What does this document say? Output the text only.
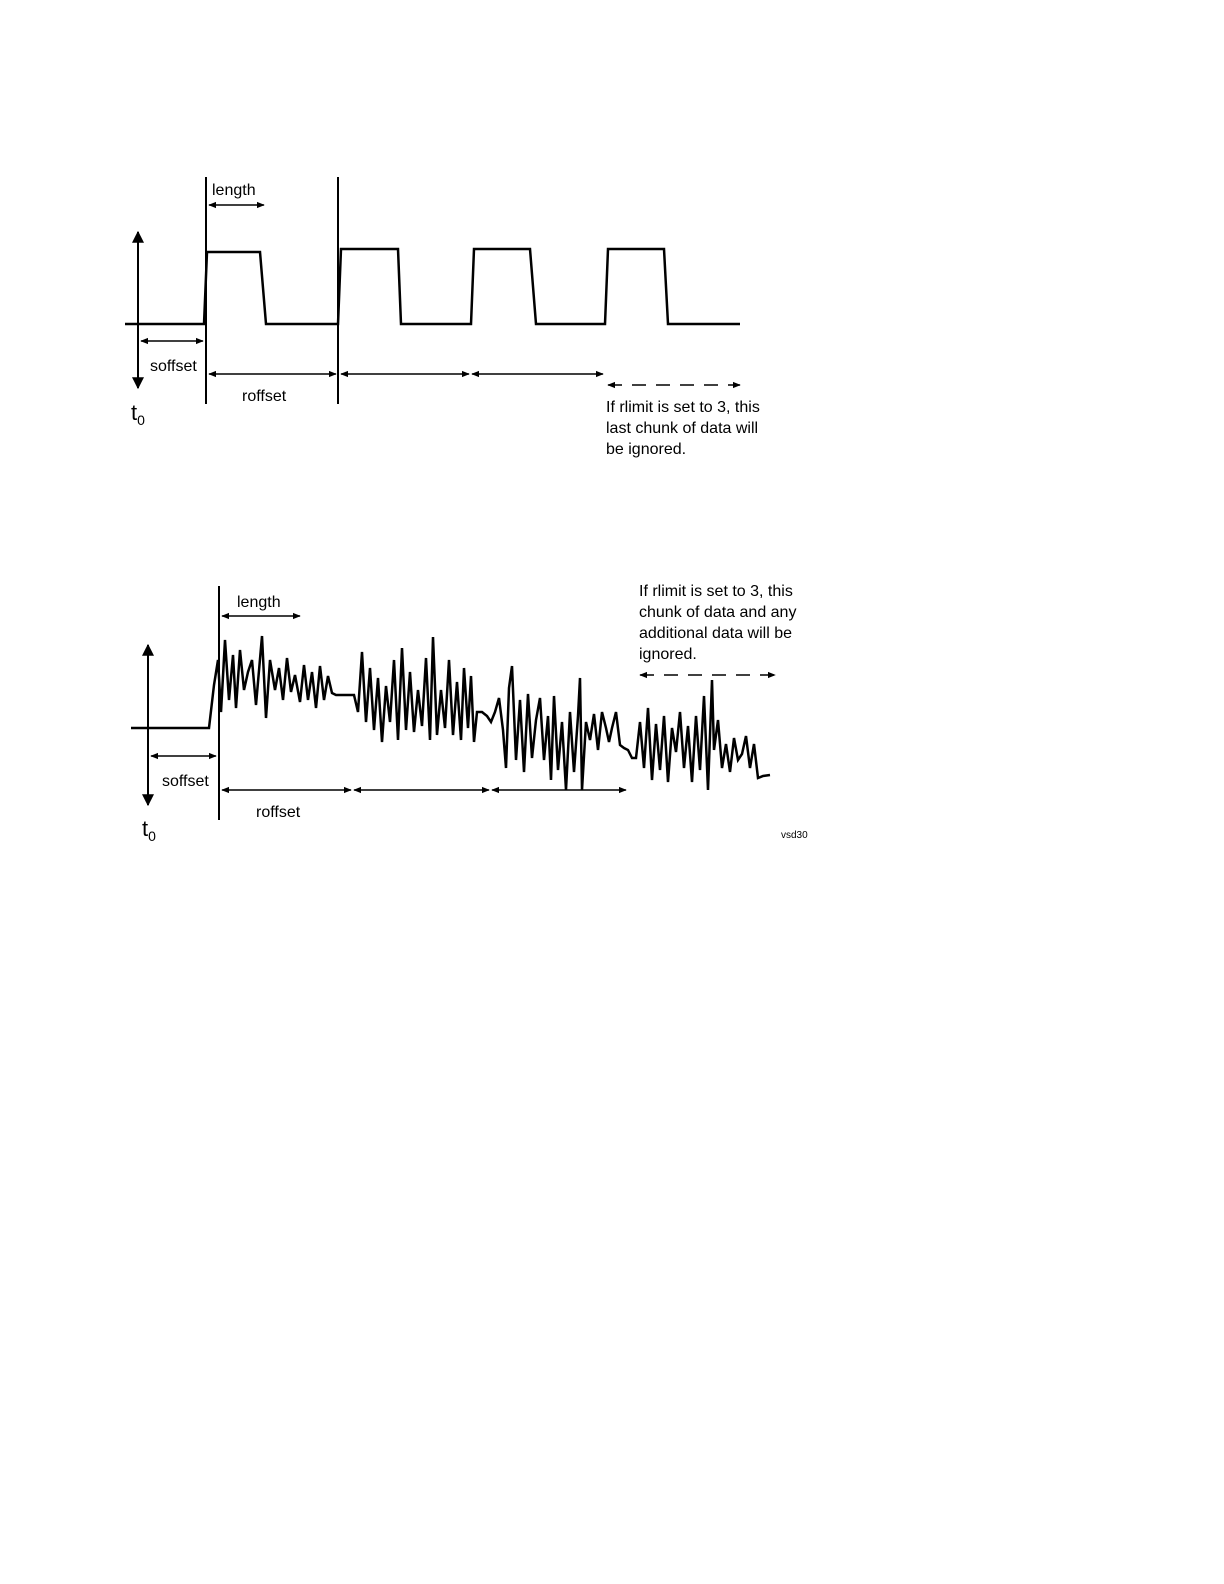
length
soffset
roffset
$t_0$
If rlimit is set to 3, this last chunk of data will be ignored.
length
soffset
roffset
$t_0$
If rlimit is set to 3, this chunk of data and any additional data will be ignored.
vsd30
